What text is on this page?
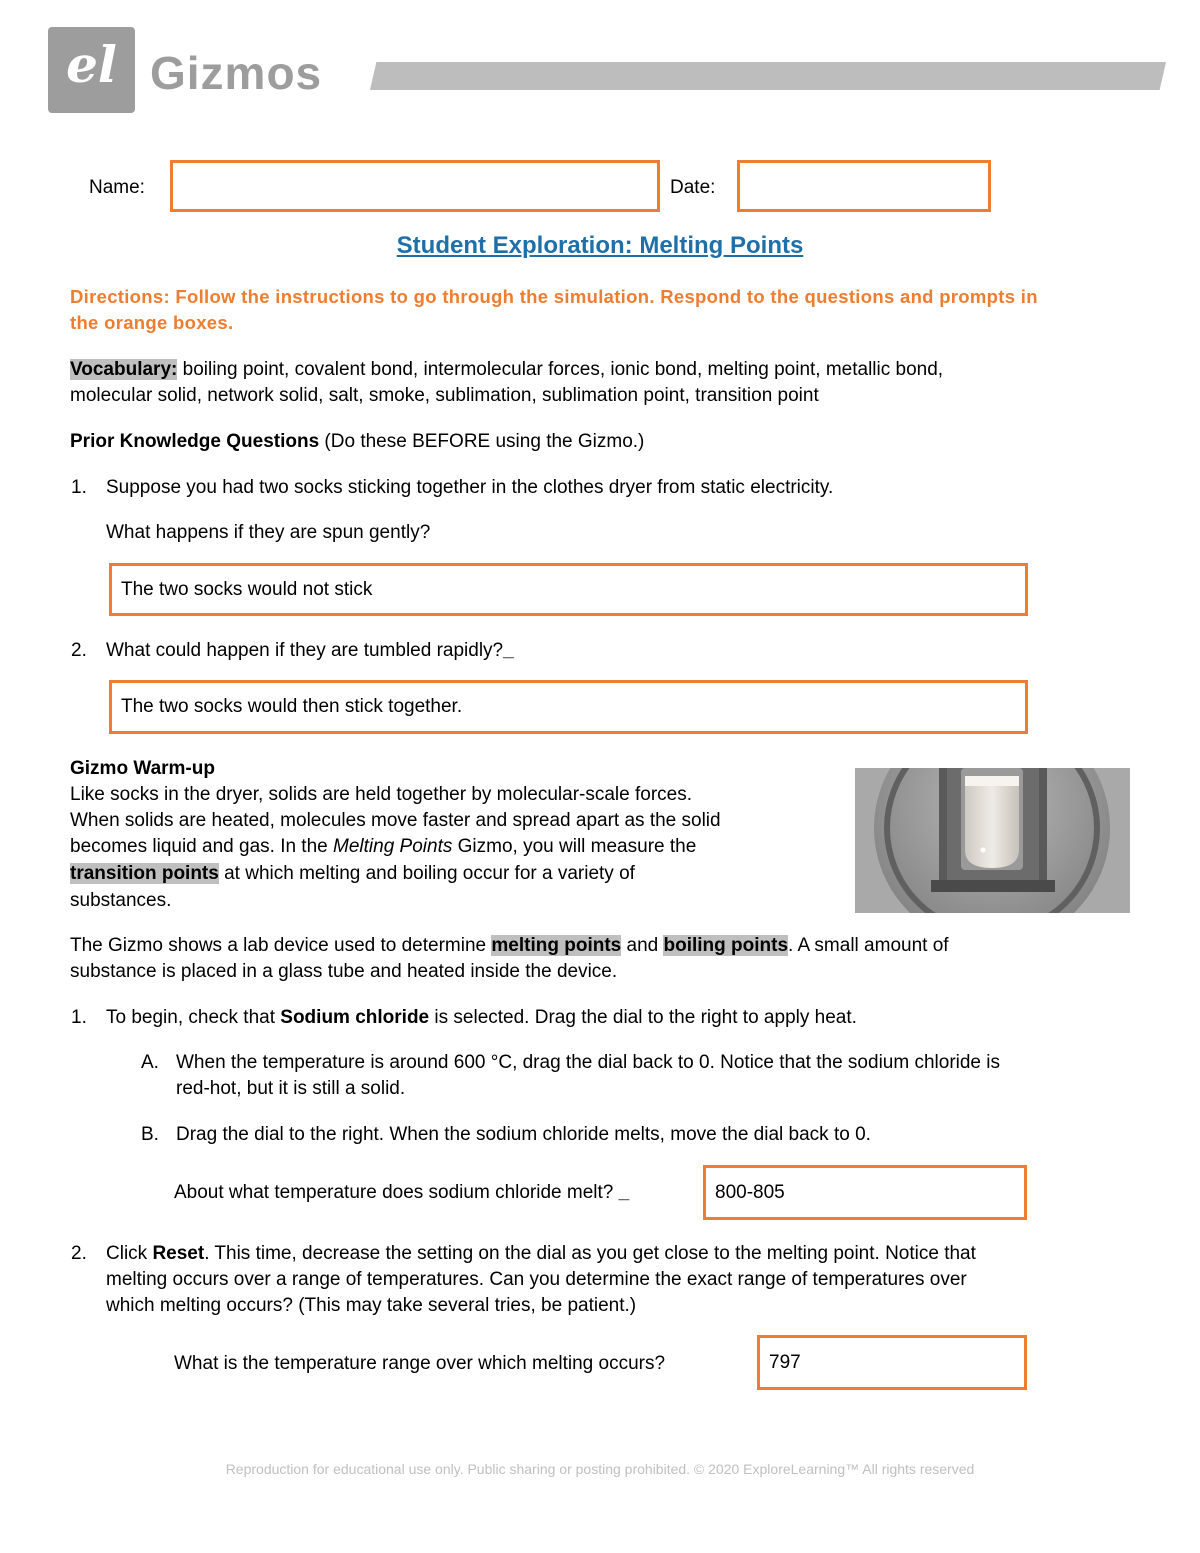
el Gizmos
Name:	Date:
Student Exploration: Melting Points
Directions: Follow the instructions to go through the simulation. Respond to the questions and prompts in the orange boxes.
Vocabulary: boiling point, covalent bond, intermolecular forces, ionic bond, melting point, metallic bond,
molecular solid, network solid, salt, smoke, sublimation, sublimation point, transition point
Prior Knowledge Questions (Do these BEFORE using the Gizmo.)
1. Suppose you had two socks sticking together in the clothes dryer from static electricity.
What happens if they are spun gently?
The two socks would not stick
2. What could happen if they are tumbled rapidly?_
The two socks would then stick together.
Gizmo Warm-up
Like socks in the dryer, solids are held together by molecular-scale forces.
When solids are heated, molecules move faster and spread apart as the solid
becomes liquid and gas. In the Melting Points Gizmo, you will measure the
transition points at which melting and boiling occur for a variety of
substances.
The Gizmo shows a lab device used to determine melting points and boiling points. A small amount of
substance is placed in a glass tube and heated inside the device.
1. To begin, check that Sodium chloride is selected. Drag the dial to the right to apply heat.
A. When the temperature is around 600 °C, drag the dial back to 0. Notice that the sodium chloride is
red-hot, but it is still a solid.
B. Drag the dial to the right. When the sodium chloride melts, move the dial back to 0.
About what temperature does sodium chloride melt? _	800-805
2. Click Reset. This time, decrease the setting on the dial as you get close to the melting point. Notice that
melting occurs over a range of temperatures. Can you determine the exact range of temperatures over
which melting occurs? (This may take several tries, be patient.)
What is the temperature range over which melting occurs?	797
Reproduction for educational use only. Public sharing or posting prohibited. © 2020 ExploreLearning™ All rights reserved
